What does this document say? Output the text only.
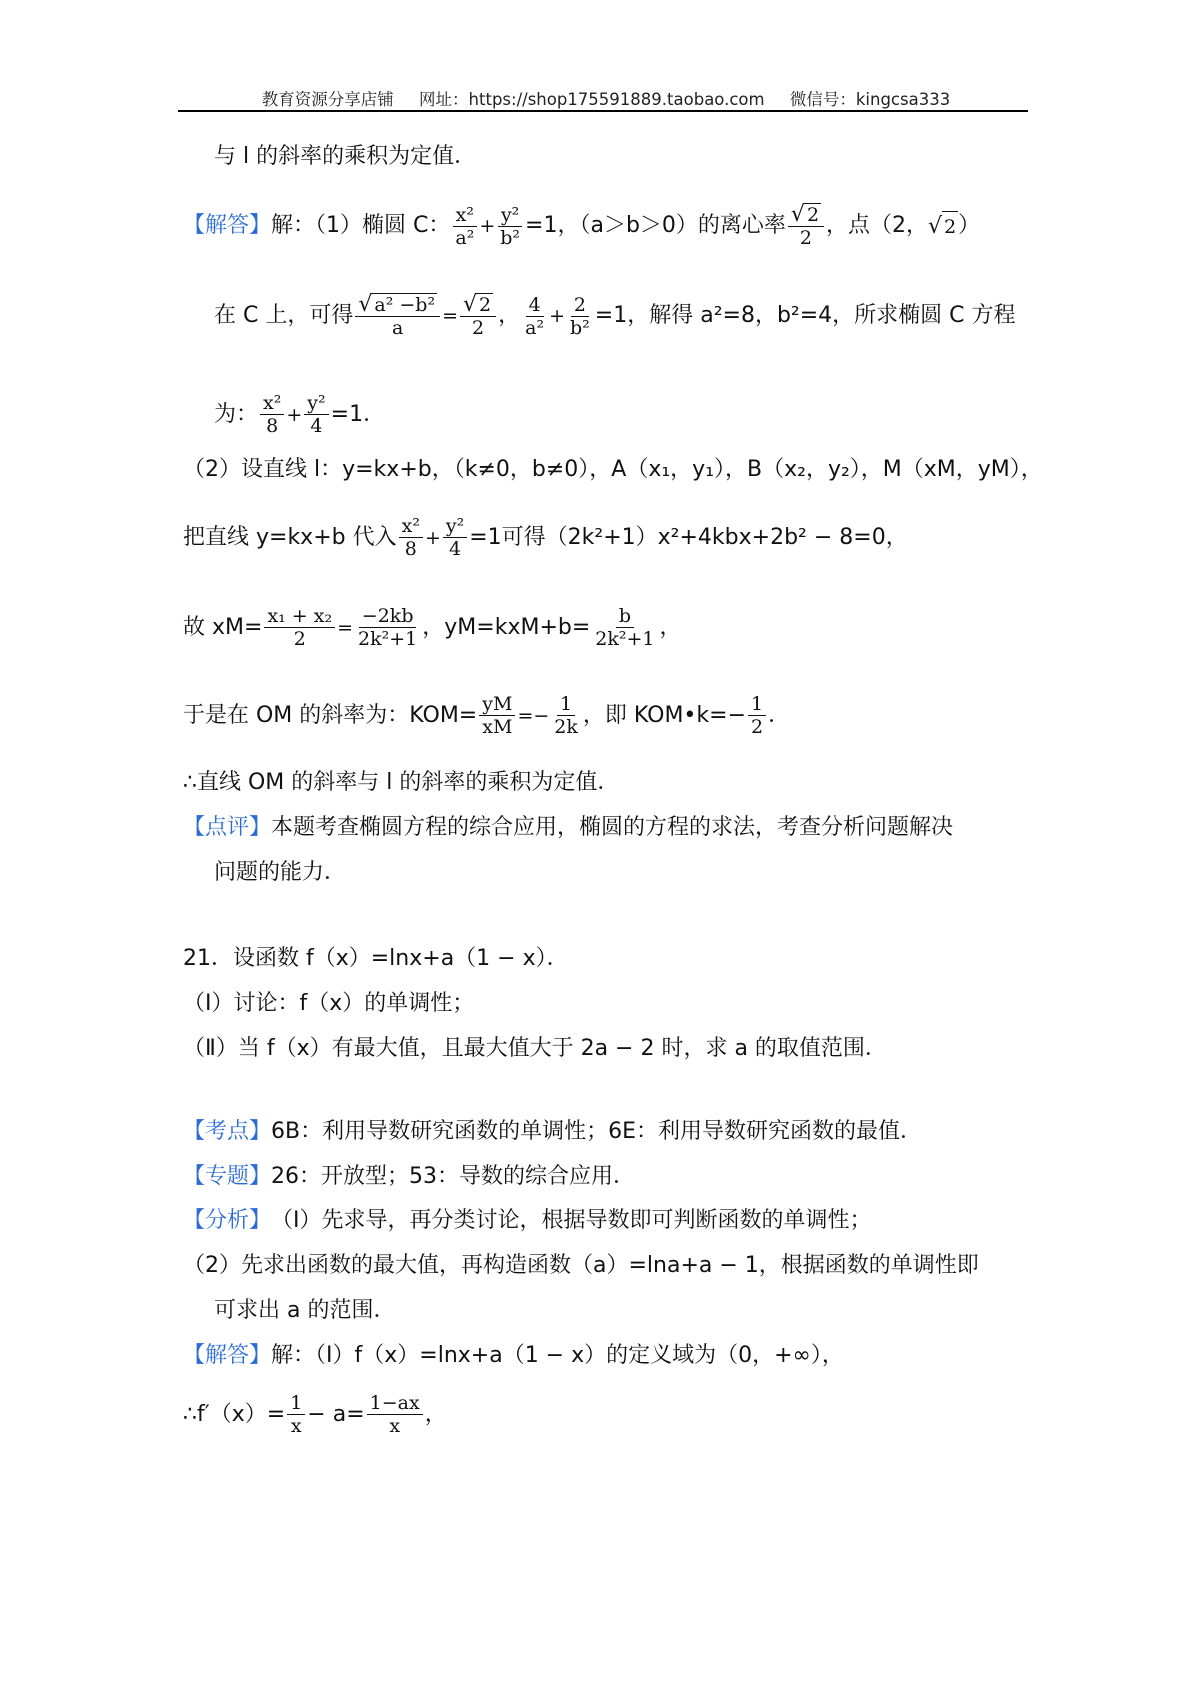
教育资源分享店铺 网址：https://shop175591889.taobao.com 微信号：kingcsa333
与 l 的斜率的乘积为定值．
【解答】 解：（1）椭圆 C： $\frac{\text{x²}}{\text{a²}} + \frac{\text{y²}}{\text{b²}} =1$，（a＞b＞0）的离心率 $\frac{√ 2}{2}$ ，点（2， √ 2 ）
在 C 上，可得 $\frac{\text{√ a² −b²}}{a} = \frac{√ 2}{2}$ ， $\frac{4}{\text{a²}} + \frac{2}{\text{b²}} =1$，解得 a²=8，b²=4，所求椭圆 C 方程
为： $\frac{\text{x²}}{8} + \frac{\text{y²}}{4} =1$．
（2）设直线 l：y=kx+b，（k≠0，b≠0），A（x₁，y₁），B（x₂，y₂），M（xM，yM），
把直线 y=kx+b 代入 $\frac{\text{x²}}{8} + \frac{\text{y²}}{4} =1$可得（2k²+1）x²+4kbx+2b² − 8=0，
故 $xM= \frac{\text{x₁ + x₂}}{2} = \frac{-2kb}{\text{2k²+1}}$ ，$yM=kxM+b= \frac{b}{\text{2k²+1}}$ ，
于是在 OM 的斜率为：$KOM= \frac{yM}{xM} =- \frac{1}{2k}$ ，即 KOM•k=− $\frac{1}{2}$ ．
∴直线 OM 的斜率与 l 的斜率的乘积为定值．
【点评】 本题考查椭圆方程的综合应用，椭圆的方程的求法，考查分析问题解决
问题的能力．
21．设函数 f（x）=lnx+a（1 − x）．
（Ⅰ）讨论：f（x）的单调性；
（Ⅱ）当 f（x）有最大值，且最大值大于 2a − 2 时，求 a 的取值范围．
【考点】 6B：利用导数研究函数的单调性；6E：利用导数研究函数的最值．
【专题】 26：开放型；53：导数的综合应用．
【分析】 （Ⅰ）先求导，再分类讨论，根据导数即可判断函数的单调性；
（2）先求出函数的最大值，再构造函数（a）=lna+a − 1，根据函数的单调性即
可求出 a 的范围．
【解答】 解：（Ⅰ）f（x）=lnx+a（1 − x）的定义域为（0，+∞），
∴f′（x）= $\frac{1}{x} - a= \frac{1-ax}{x}$ ，
